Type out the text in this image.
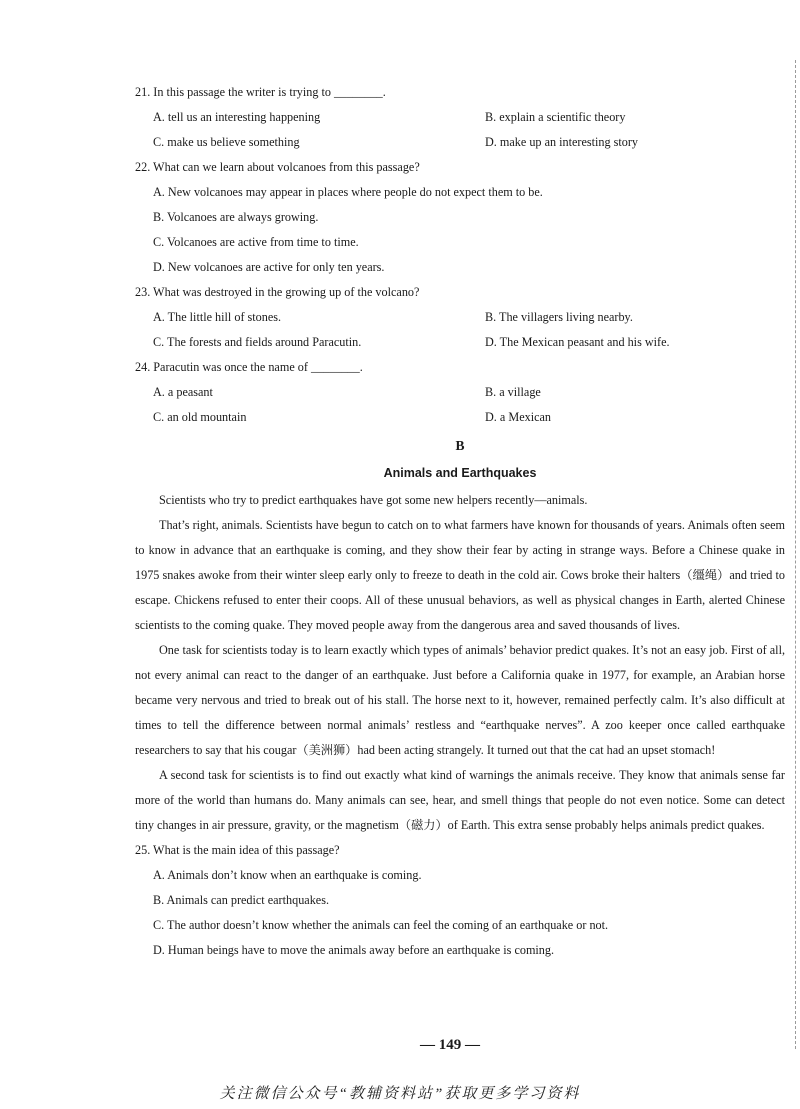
21. In this passage the writer is trying to ________.

A. tell us an interesting happening	B. explain a scientific theory
C. make us believe something	D. make up an interesting story

22. What can we learn about volcanoes from this passage?

A. New volcanoes may appear in places where people do not expect them to be.
B. Volcanoes are always growing.
C. Volcanoes are active from time to time.
D. New volcanoes are active for only ten years.

23. What was destroyed in the growing up of the volcano?

A. The little hill of stones.	B. The villagers living nearby.
C. The forests and fields around Paracutin.	D. The Mexican peasant and his wife.

24. Paracutin was once the name of ________.

A. a peasant	B. a village
C. an old mountain	D. a Mexican
B
Animals and Earthquakes

Scientists who try to predict earthquakes have got some new helpers recently—animals.

That’s right, animals. Scientists have begun to catch on to what farmers have known for thousands of years. Animals often seem to know in advance that an earthquake is coming, and they show their fear by acting in strange ways. Before a Chinese quake in 1975 snakes awoke from their winter sleep early only to freeze to death in the cold air. Cows broke their halters（缰绳）and tried to escape. Chickens refused to enter their coops. All of these unusual behaviors, as well as physical changes in Earth, alerted Chinese scientists to the coming quake. They moved people away from the dangerous area and saved thousands of lives.

One task for scientists today is to learn exactly which types of animals’ behavior predict quakes. It’s not an easy job. First of all, not every animal can react to the danger of an earthquake. Just before a California quake in 1977, for example, an Arabian horse became very nervous and tried to break out of his stall. The horse next to it, however, remained perfectly calm. It’s also difficult at times to tell the difference between normal animals’ restless and “earthquake nerves”. A zoo keeper once called earthquake researchers to say that his cougar（美洲狮）had been acting strangely. It turned out that the cat had an upset stomach!

A second task for scientists is to find out exactly what kind of warnings the animals receive. They know that animals sense far more of the world than humans do. Many animals can see, hear, and smell things that people do not even notice. Some can detect tiny changes in air pressure, gravity, or the magnetism（磁力）of Earth. This extra sense probably helps animals predict quakes.

25. What is the main idea of this passage?

A. Animals don’t know when an earthquake is coming.
B. Animals can predict earthquakes.
C. The author doesn’t know whether the animals can feel the coming of an earthquake or not.
D. Human beings have to move the animals away before an earthquake is coming.
— 149 —
关注微信公众号“教辅资料站”获取更多学习资料
